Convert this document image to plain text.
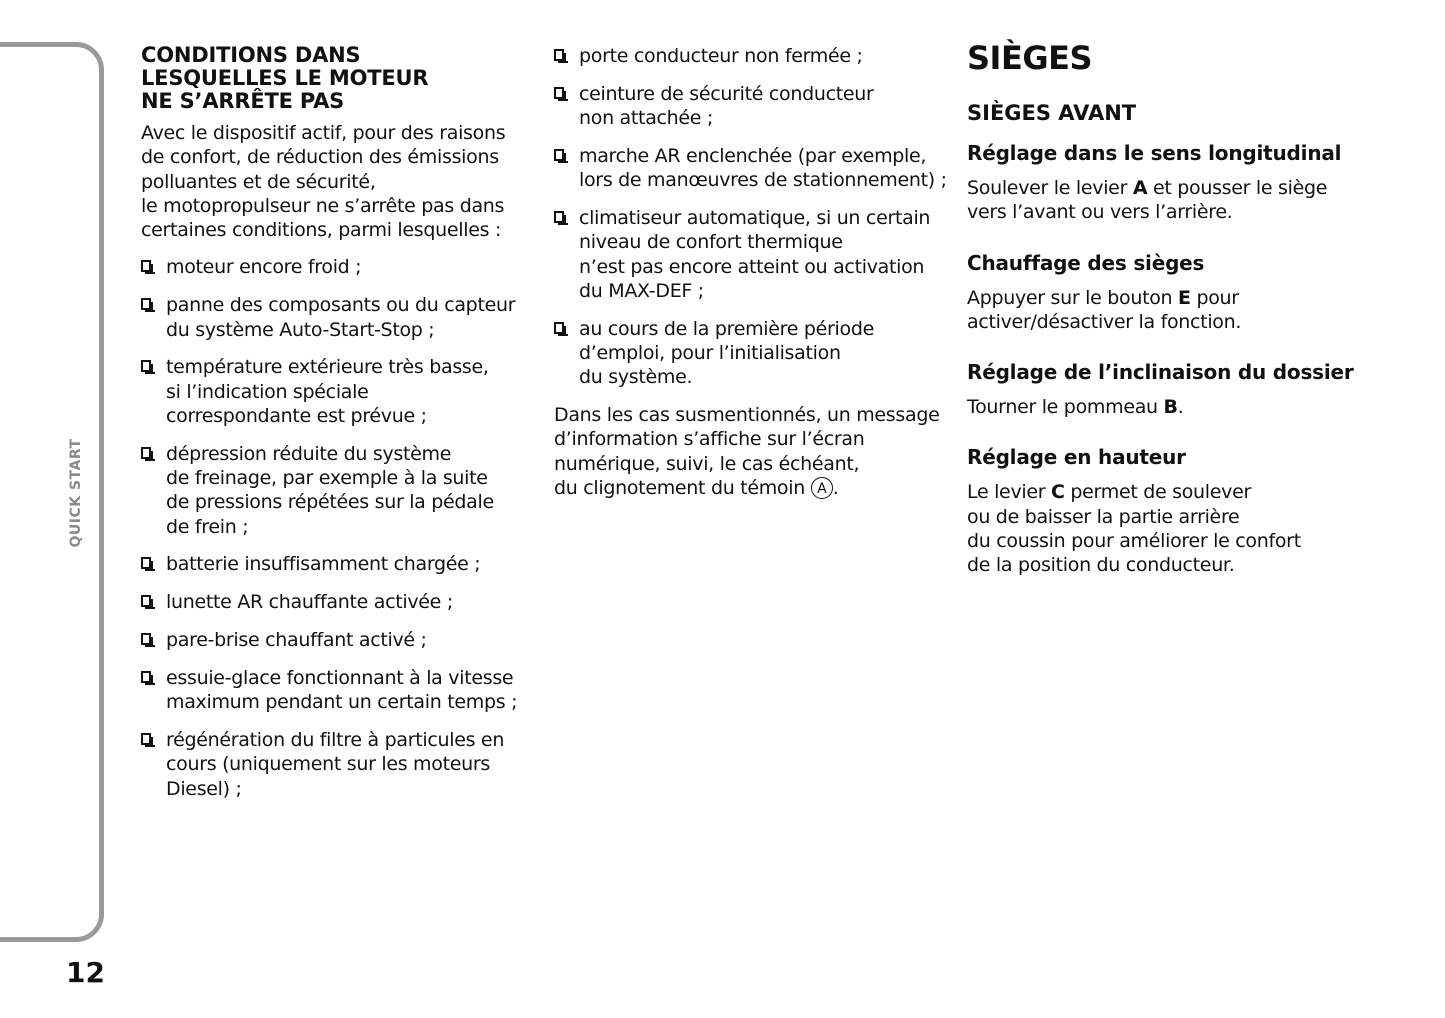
QUICK START
12
CONDITIONS DANS
LESQUELLES LE MOTEUR
NE S’ARRÊTE PAS
Avec le dispositif actif, pour des raisons
de confort, de réduction des émissions
polluantes et de sécurité,
le motopropulseur ne s’arrête pas dans
certaines conditions, parmi lesquelles :
moteur encore froid ;
panne des composants ou du capteur
du système Auto-Start-Stop ;
température extérieure très basse,
si l’indication spéciale
correspondante est prévue ;
dépression réduite du système
de freinage, par exemple à la suite
de pressions répétées sur la pédale
de frein ;
batterie insuffisamment chargée ;
lunette AR chauffante activée ;
pare-brise chauffant activé ;
essuie-glace fonctionnant à la vitesse
maximum pendant un certain temps ;
régénération du filtre à particules en
cours (uniquement sur les moteurs
Diesel) ;
porte conducteur non fermée ;
ceinture de sécurité conducteur
non attachée ;
marche AR enclenchée (par exemple,
lors de manœuvres de stationnement) ;
climatiseur automatique, si un certain
niveau de confort thermique
n’est pas encore atteint ou activation
du MAX-DEF ;
au cours de la première période
d’emploi, pour l’initialisation
du système.
Dans les cas susmentionnés, un message
d’information s’affiche sur l’écran
numérique, suivi, le cas échéant,
du clignotement du témoin A .
SIÈGES
SIÈGES AVANT
Réglage dans le sens longitudinal
Soulever le levier A et pousser le siège
vers l’avant ou vers l’arrière.
Chauffage des sièges
Appuyer sur le bouton E pour
activer/désactiver la fonction.
Réglage de l’inclinaison du dossier
Tourner le pommeau B.
Réglage en hauteur
Le levier C permet de soulever
ou de baisser la partie arrière
du coussin pour améliorer le confort
de la position du conducteur.
